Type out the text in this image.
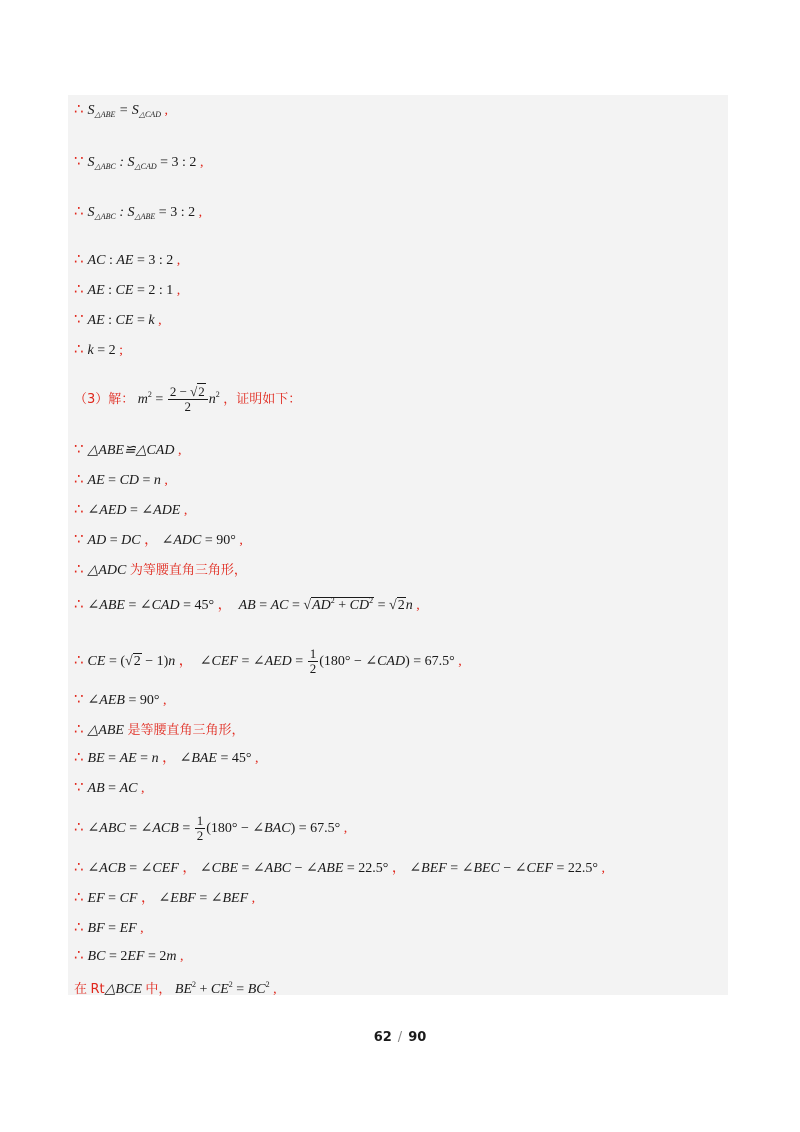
∴ $S_{\triangle ABE} = S_{\triangle CAD}$ ,
∵ $S_{\triangle ABC}$ : $S_{\triangle CAD} = 3$ : 2 ,
∴ $S_{\triangle ABC}$ : $S_{\triangle ABE} = 3$ : 2 ,
∴ AC : AE = 3 : 2 ,
∴ AE : CE = 2 : 1 ,
∵ AE : CE = k ,
∴ k = 2 ;
（3）解： $m^2 = \frac{2 - √2}{2} n^2$ ，证明如下：
∵ △ABE≌△CAD ,
∴ AE = CD = n ,
∴ ∠AED = ∠ADE ,
∵ AD = DC ， ∠ADC = 90° ,
∴ △ADC 为等腰直角三角形，
∴ ∠ABE = ∠CAD = 45° ， AB = AC = $√AD^2 + CD^2 = √2n$ ,
∴ CE = (√2 − 1)n ，  ∠CEF = ∠AED = $\frac{1}{2} (180^\circ$ − ∠CAD) = 67.5° ,
∵ ∠AEB = 90° ,
∴ △ABE 是等腰直角三角形，
∴ BE = AE = n ， ∠BAE = 45° ,
∵ AB = AC ,
∴ ∠ABC = ∠ACB = $\frac{1}{2} (180^\circ$ − ∠BAC) = 67.5° ,
∴ ∠ACB = ∠CEF ， ∠CBE = ∠ABC − ∠ABE = 22.5° ， ∠BEF = ∠BEC − ∠CEF = 22.5° ,
∴ EF = CF ， ∠EBF = ∠BEF ,
∴ BF = EF ,
∴ BC = 2EF = 2m ,
在 Rt△BCE 中， $BE^2 + CE^2 = BC^2$ ,
62 / 90
